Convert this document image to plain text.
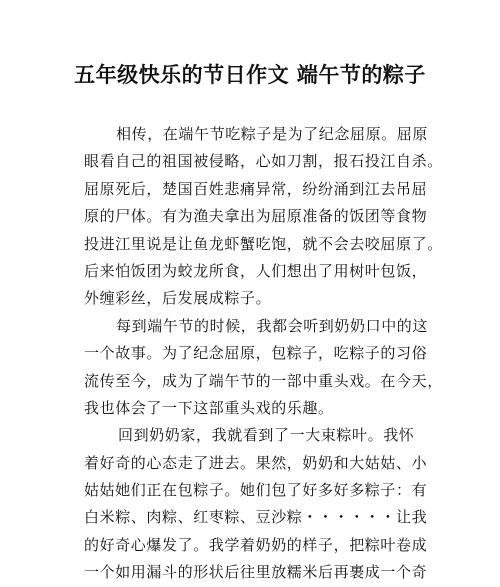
五年级快乐的节日作文 端午节的粽子
相传，在端午节吃粽子是为了纪念屈原。屈原
眼看自己的祖国被侵略，心如刀割，报石投江自杀。
屈原死后，楚国百姓悲痛异常，纷纷涌到江去吊屈
原的尸体。有为渔夫拿出为屈原准备的饭团等食物
投进江里说是让鱼龙虾蟹吃饱，就不会去咬屈原了。
后来怕饭团为蛟龙所食，人们想出了用树叶包饭，
外缠彩丝，后发展成粽子。
每到端午节的时候，我都会听到奶奶口中的这
一个故事。为了纪念屈原，包粽子，吃粽子的习俗
流传至今，成为了端午节的一部中重头戏。在今天，
我也体会了一下这部重头戏的乐趣。
回到奶奶家，我就看到了一大束粽叶。我怀
着好奇的心态走了进去。果然，奶奶和大姑姑、小
姑姑她们正在包粽子。她们包了好多好多粽子：有
白米粽、肉粽、红枣粽、豆沙粽・・・・・・让我
的好奇心爆发了。我学着奶奶的样子，把粽叶卷成
一个如用漏斗的形状后往里放糯米后再裹成一个奇
